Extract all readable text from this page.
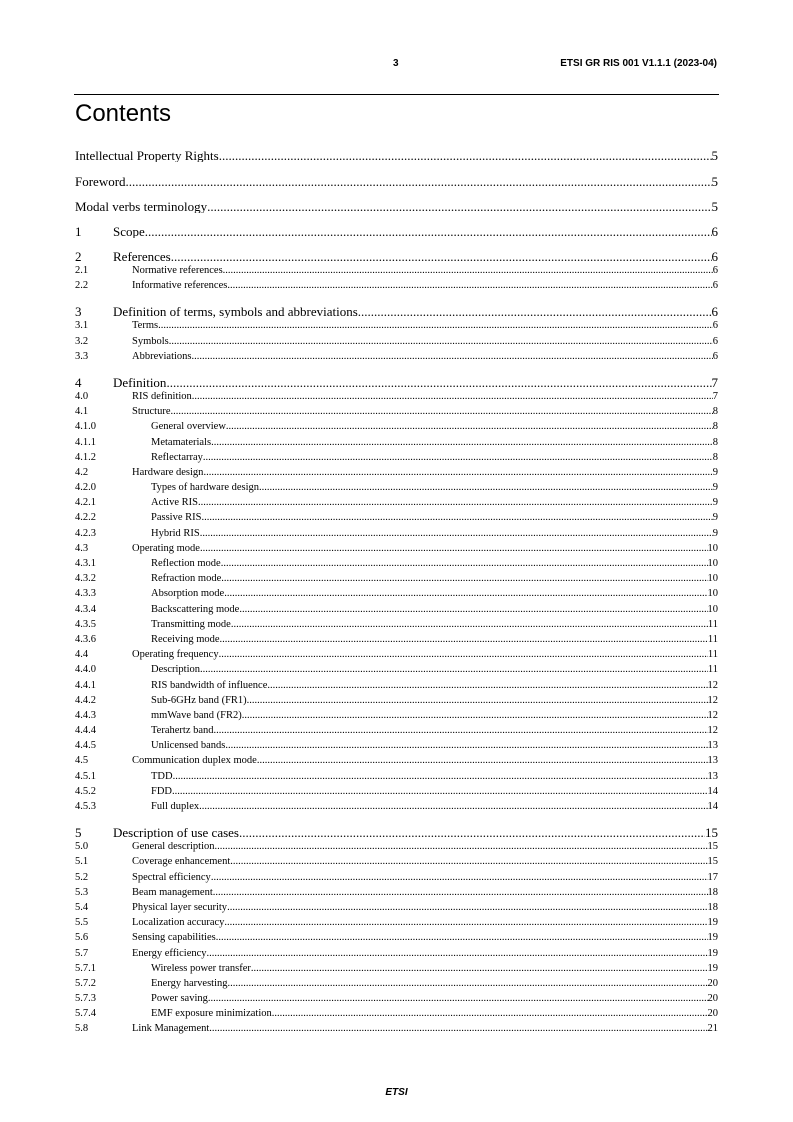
3	ETSI GR RIS 001 V1.1.1 (2023-04)
Contents
Intellectual Property Rights .....	5
Foreword .....	5
Modal verbs terminology .....	5
1	Scope .....	6
2	References .....	6
2.1	Normative references .....	6
2.2	Informative references .....	6
3	Definition of terms, symbols and abbreviations .....	6
3.1	Terms .....	6
3.2	Symbols .....	6
3.3	Abbreviations .....	6
4	Definition .....	7
4.0	RIS definition .....	7
4.1	Structure .....	8
4.1.0	General overview .....	8
4.1.1	Metamaterials .....	8
4.1.2	Reflectarray .....	8
4.2	Hardware design .....	9
4.2.0	Types of hardware design .....	9
4.2.1	Active RIS .....	9
4.2.2	Passive RIS .....	9
4.2.3	Hybrid RIS .....	9
4.3	Operating mode .....	10
4.3.1	Reflection mode .....	10
4.3.2	Refraction mode .....	10
4.3.3	Absorption mode .....	10
4.3.4	Backscattering mode .....	10
4.3.5	Transmitting mode .....	11
4.3.6	Receiving mode .....	11
4.4	Operating frequency .....	11
4.4.0	Description .....	11
4.4.1	RIS bandwidth of influence .....	12
4.4.2	Sub-6GHz band (FR1) .....	12
4.4.3	mmWave band (FR2) .....	12
4.4.4	Terahertz band .....	12
4.4.5	Unlicensed bands .....	13
4.5	Communication duplex mode .....	13
4.5.1	TDD .....	13
4.5.2	FDD .....	14
4.5.3	Full duplex .....	14
5	Description of use cases .....	15
5.0	General description .....	15
5.1	Coverage enhancement .....	15
5.2	Spectral efficiency .....	17
5.3	Beam management .....	18
5.4	Physical layer security .....	18
5.5	Localization accuracy .....	19
5.6	Sensing capabilities .....	19
5.7	Energy efficiency .....	19
5.7.1	Wireless power transfer .....	19
5.7.2	Energy harvesting .....	20
5.7.3	Power saving .....	20
5.7.4	EMF exposure minimization .....	20
5.8	Link Management .....	21
ETSI
